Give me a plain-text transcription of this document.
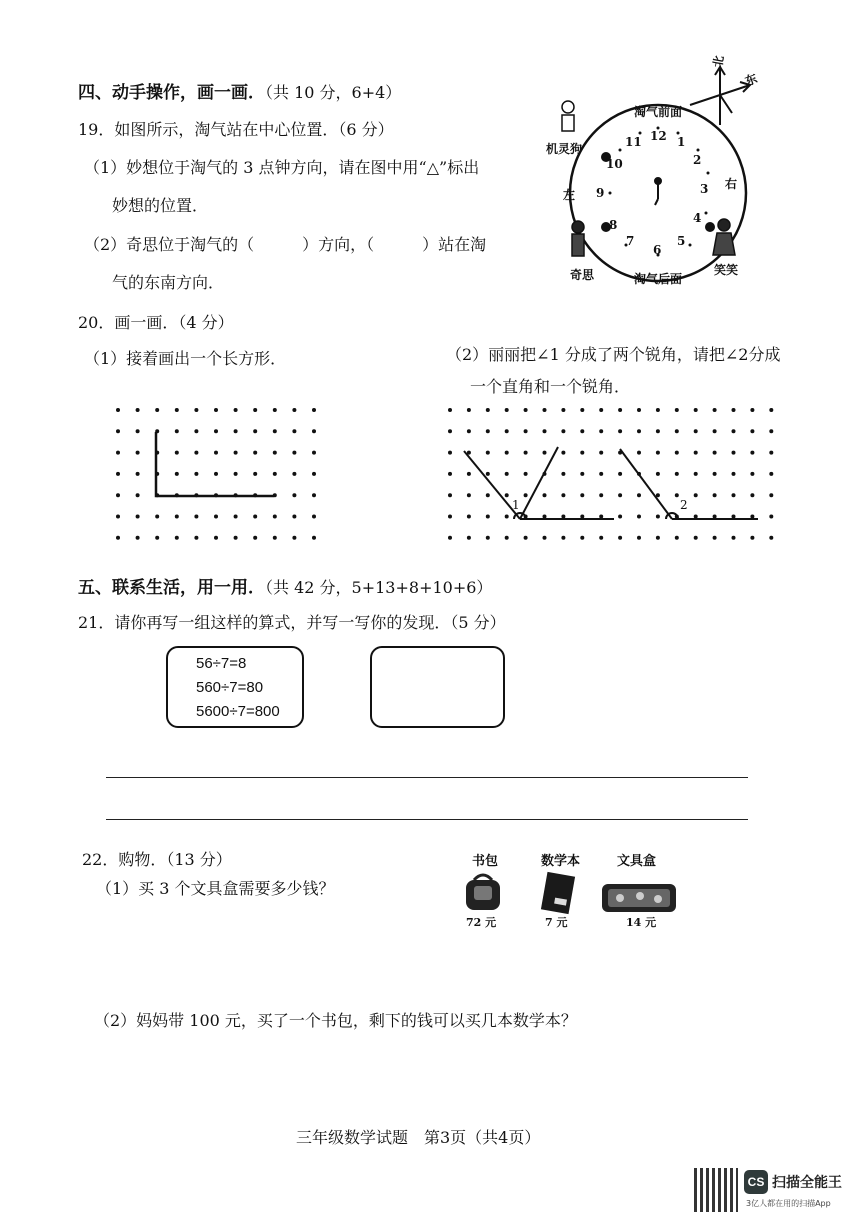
四、动手操作，画一画．（共 10 分，6+4）
19．如图所示，淘气站在中心位置．（6 分）
（1）妙想位于淘气的 3 点钟方向，请在图中用“△”标出
妙想的位置．
（2）奇思位于淘气的（　　　）方向，（　　　）站在淘
气的东南方向．
淘气前面
淘气后面
左
右
北
东
机灵狗
奇思	笑笑
12 1
2
3
4
5
6
7
8
9
10
11
20．画一画．（4 分）
（1）接着画出一个长方形．	（2）丽丽把∠1 分成了两个锐角，请把∠2分成
一个直角和一个锐角．
1	2
五、联系生活，用一用．（共 42 分，5+13+8+10+6）
21．请你再写一组这样的算式，并写一写你的发现．（5 分）
56÷7=8
560÷7=80
5600÷7=800
22．购物．（13 分）
（1）买 3 个文具盒需要多少钱？
（2）妈妈带 100 元，买了一个书包，剩下的钱可以买几本数学本？
书包	数学本	文具盒
72 元	7 元	14 元
三年级数学试题　第3页（共4页）
CS 扫描全能王
3亿人都在用的扫描App
